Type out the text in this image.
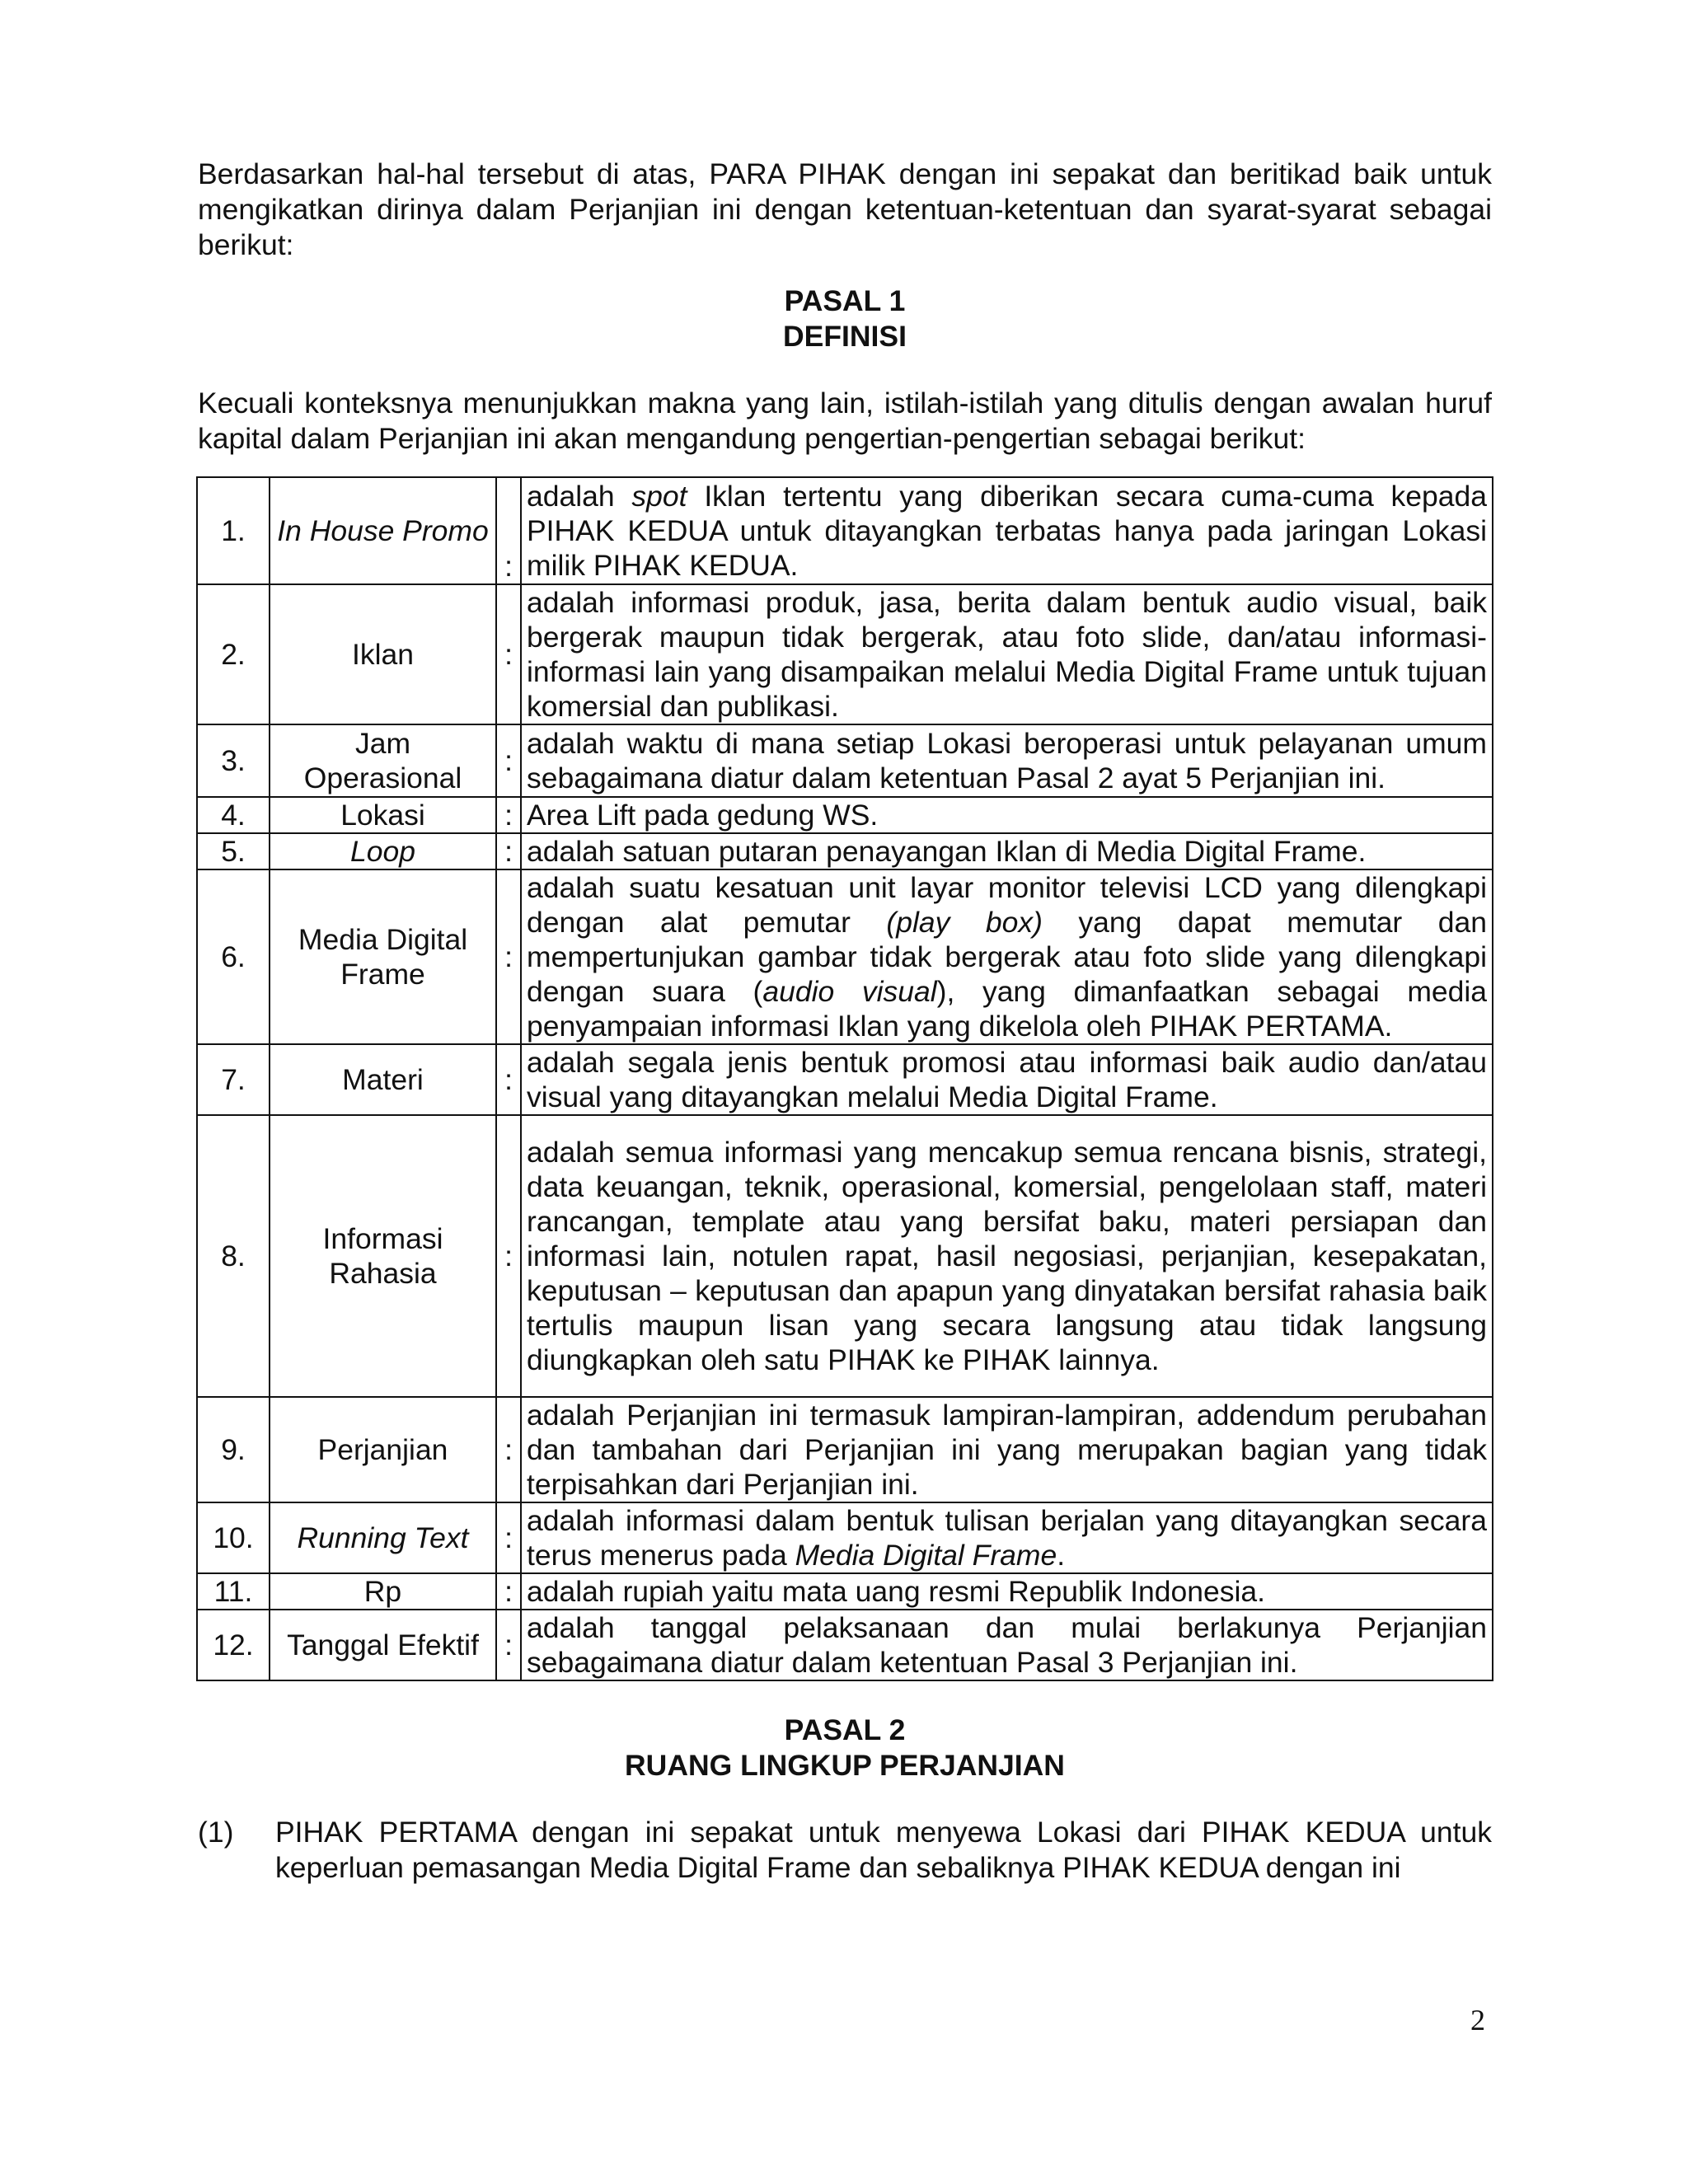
Berdasarkan hal-hal tersebut di atas, PARA PIHAK dengan ini sepakat dan beritikad baik untuk mengikatkan dirinya dalam Perjanjian ini dengan ketentuan-ketentuan dan syarat-syarat sebagai berikut:

PASAL 1

DEFINISI

Kecuali konteksnya menunjukkan makna yang lain, istilah-istilah yang ditulis dengan awalan huruf kapital dalam Perjanjian ini akan mengandung pengertian-pengertian sebagai berikut:

1.	In House Promo	:	adalah spot Iklan tertentu yang diberikan secara cuma-cuma kepada PIHAK KEDUA untuk ditayangkan terbatas hanya pada jaringan Lokasi milik PIHAK KEDUA.
2.	Iklan	:	adalah informasi produk, jasa, berita dalam bentuk audio visual, baik bergerak maupun tidak bergerak, atau foto slide, dan/atau informasi-informasi lain yang disampaikan melalui Media Digital Frame untuk tujuan komersial dan publikasi.
3.	Jam Operasional	:	adalah waktu di mana setiap Lokasi beroperasi untuk pelayanan umum sebagaimana diatur dalam ketentuan Pasal 2 ayat 5 Perjanjian ini.
4.	Lokasi	:	Area Lift pada gedung WS.
5.	Loop	:	adalah satuan putaran penayangan Iklan di Media Digital Frame.
6.	Media Digital Frame	:	adalah suatu kesatuan unit layar monitor televisi LCD yang dilengkapi dengan alat pemutar (play box) yang dapat memutar dan mempertunjukan gambar tidak bergerak atau foto slide yang dilengkapi dengan suara (audio visual), yang dimanfaatkan sebagai media penyampaian informasi Iklan yang dikelola oleh PIHAK PERTAMA.
7.	Materi	:	adalah segala jenis bentuk promosi atau informasi baik audio dan/atau visual yang ditayangkan melalui Media Digital Frame.
8.	Informasi Rahasia	:	adalah semua informasi yang mencakup semua rencana bisnis, strategi, data keuangan, teknik, operasional, komersial, pengelolaan staff, materi rancangan, template atau yang bersifat baku, materi persiapan dan informasi lain, notulen rapat, hasil negosiasi, perjanjian, kesepakatan, keputusan – keputusan dan apapun yang dinyatakan bersifat rahasia baik tertulis maupun lisan yang secara langsung atau tidak langsung diungkapkan oleh satu PIHAK ke PIHAK lainnya.
9.	Perjanjian	:	adalah Perjanjian ini termasuk lampiran-lampiran, addendum perubahan dan tambahan dari Perjanjian ini yang merupakan bagian yang tidak terpisahkan dari Perjanjian ini.
10.	Running Text	:	adalah informasi dalam bentuk tulisan berjalan yang ditayangkan secara terus menerus pada Media Digital Frame.
11.	Rp	:	adalah rupiah yaitu mata uang resmi Republik Indonesia.
12.	Tanggal Efektif	:	adalah tanggal pelaksanaan dan mulai berlakunya Perjanjian sebagaimana diatur dalam ketentuan Pasal 3 Perjanjian ini.

PASAL 2

RUANG LINGKUP PERJANJIAN

(1) PIHAK PERTAMA dengan ini sepakat untuk menyewa Lokasi dari PIHAK KEDUA untuk keperluan pemasangan Media Digital Frame dan sebaliknya PIHAK KEDUA dengan ini
2
